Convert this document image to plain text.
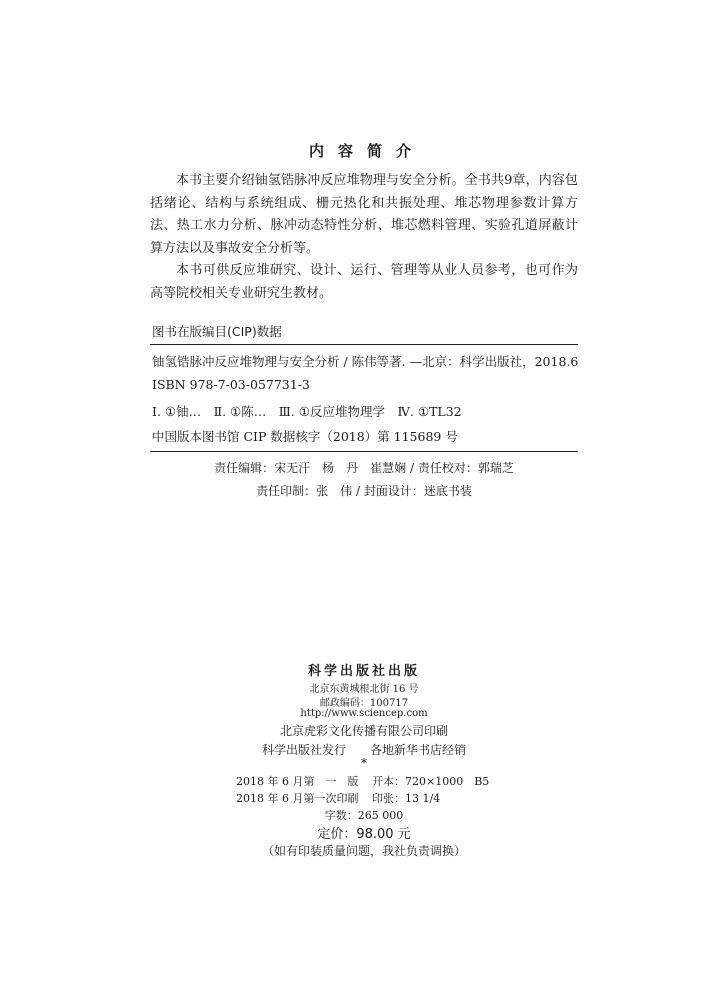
内容简介

本书主要介绍铀氢锆脉冲反应堆物理与安全分析。全书共9章，内容包括绪论、结构与系统组成、栅元热化和共振处理、堆芯物理参数计算方法、热工水力分析、脉冲动态特性分析、堆芯燃料管理、实验孔道屏蔽计算方法以及事故安全分析等。

本书可供反应堆研究、设计、运行、管理等从业人员参考，也可作为高等院校相关专业研究生教材。

图书在版编目(CIP)数据
铀氢锆脉冲反应堆物理与安全分析 / 陈伟等著. —北京：科学出版社，2018.6
ISBN 978-7-03-057731-3
Ⅰ. ①铀…　Ⅱ. ①陈…　Ⅲ. ①反应堆物理学　Ⅳ. ①TL32
中国版本图书馆 CIP 数据核字（2018）第 115689 号
责任编辑：宋无汗　杨　丹　崔慧娴 / 责任校对：郭瑞芝
责任印制：张　伟 / 封面设计：迷底书装
科学出版社出版
北京东黄城根北街 16 号
邮政编码：100717
http://www.sciencep.com
北京虎彩文化传播有限公司印刷
科学出版社发行　　各地新华书店经销
*
2018 年 6 月第　一　版 开本：720×1000　B5
2018 年 6 月第一次印刷 印张：13 1/4
字数：265 000
定价：98.00 元
（如有印装质量问题，我社负责调换）
